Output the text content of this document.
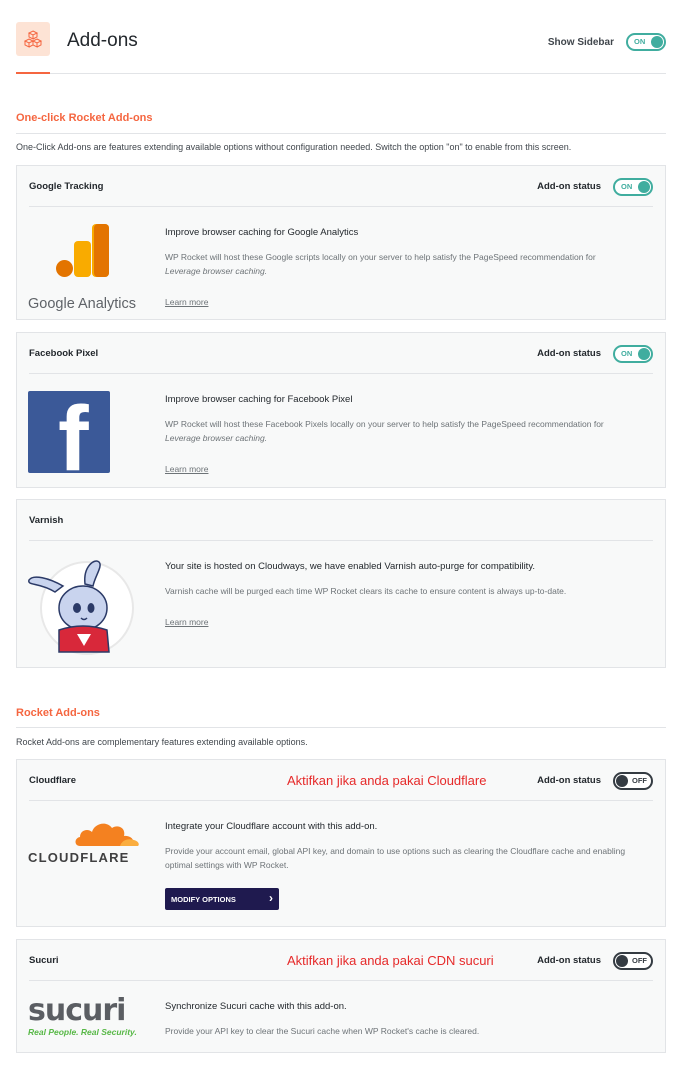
Add-ons	Show Sidebar	ON
One-click Rocket Add-ons
One-Click Add-ons are features extending available options without configuration needed. Switch the option "on" to enable from this screen.
Google Tracking	Add-on status	ON
Google Analytics
Improve browser caching for Google Analytics
WP Rocket will host these Google scripts locally on your server to help satisfy the PageSpeed recommendation for
Leverage browser caching.
Learn more
Facebook Pixel	Add-on status	ON
f	Improve browser caching for Facebook Pixel
WP Rocket will host these Facebook Pixels locally on your server to help satisfy the PageSpeed recommendation for
Leverage browser caching.
Learn more
Varnish
Your site is hosted on Cloudways, we have enabled Varnish auto-purge for compatibility.
Varnish cache will be purged each time WP Rocket clears its cache to ensure content is always up-to-date.
Learn more
Rocket Add-ons
Rocket Add-ons are complementary features extending available options.
Cloudflare	Aktifkan jika anda pakai Cloudflare	Add-on status	OFF
CLOUDFLARE
Integrate your Cloudflare account with this add-on.
Provide your account email, global API key, and domain to use options such as clearing the Cloudflare cache and enabling optimal settings with WP Rocket.
MODIFY OPTIONS	›
Sucuri	Aktifkan jika anda pakai CDN sucuri	Add-on status	OFF
sucuri
Real People. Real Security.
Synchronize Sucuri cache with this add-on.
Provide your API key to clear the Sucuri cache when WP Rocket's cache is cleared.
